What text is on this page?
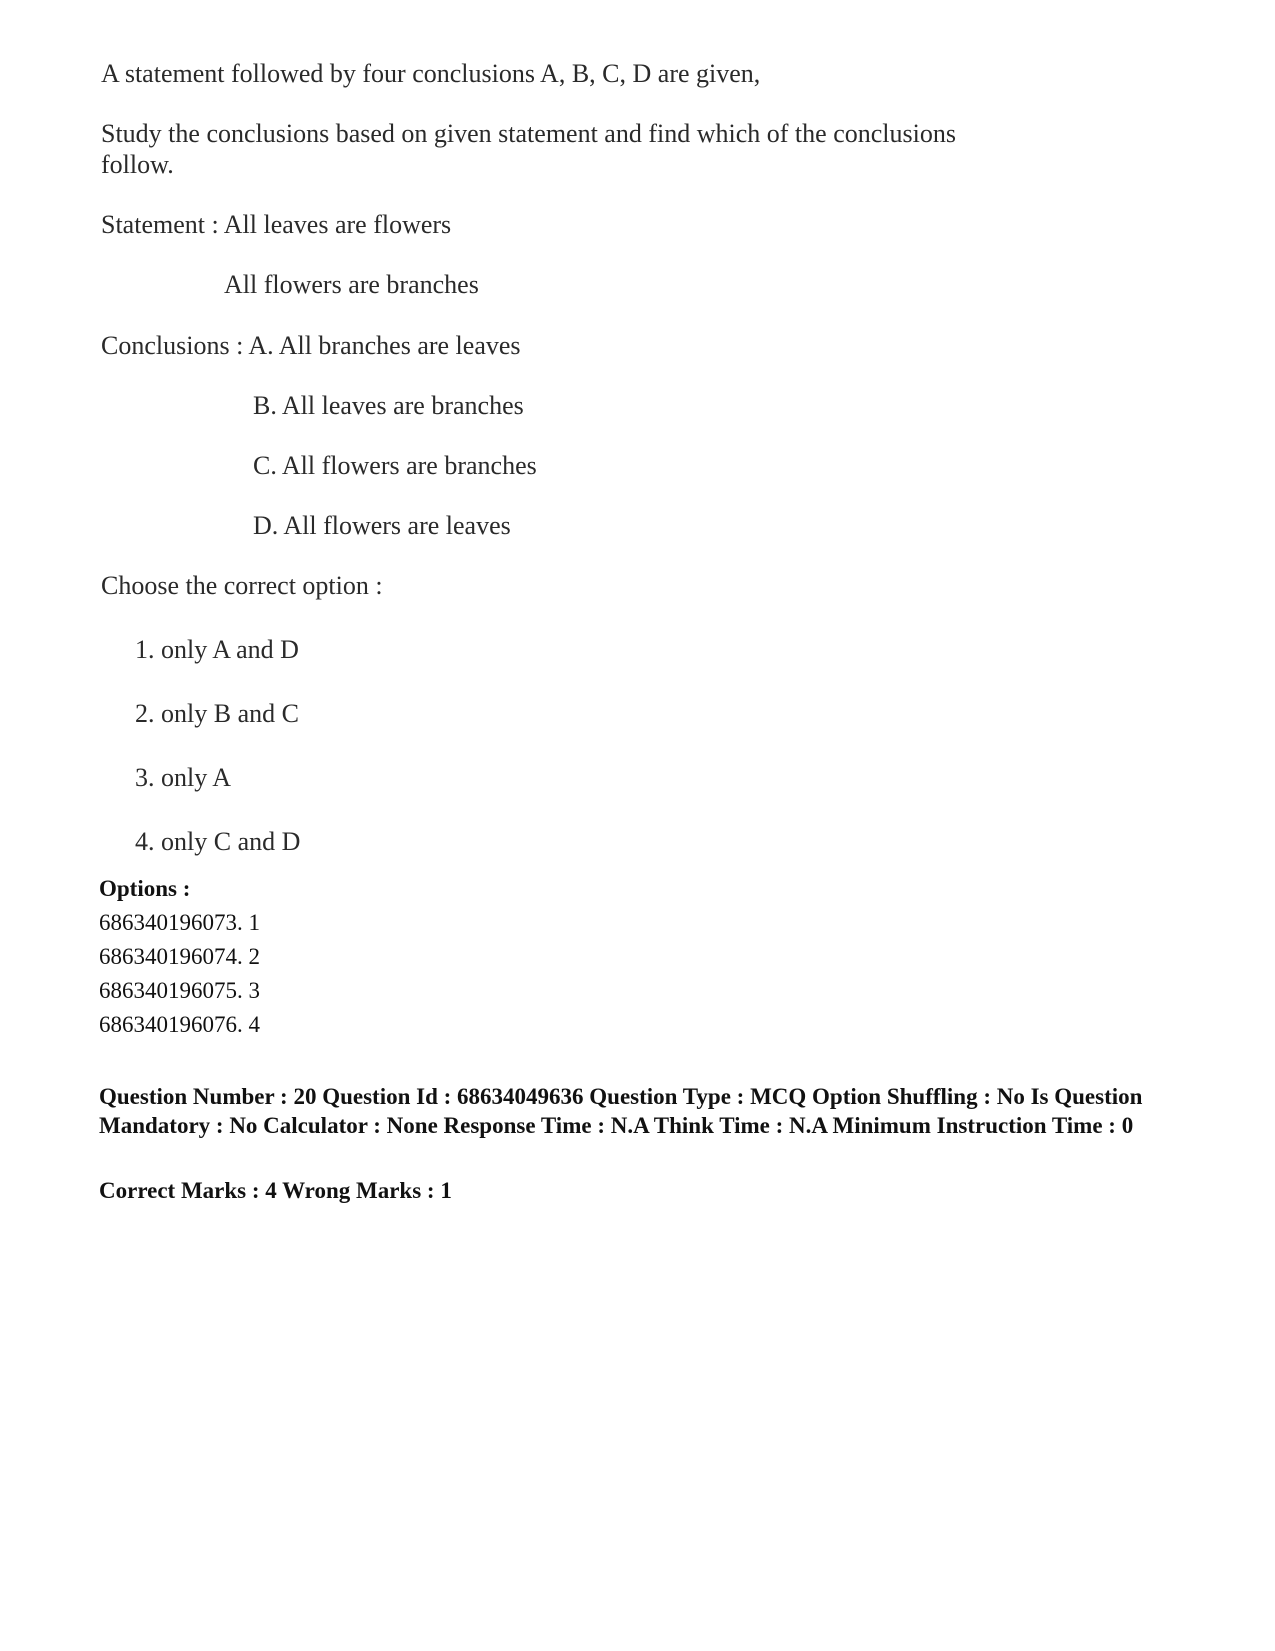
A statement followed by four conclusions A, B, C, D are given,
Study the conclusions based on given statement and find which of the conclusions
follow.
Statement : All leaves are flowers
All flowers are branches
Conclusions : A. All branches are leaves
B. All leaves are branches
C. All flowers are branches
D. All flowers are leaves
Choose the correct option :
1. only A and D
2. only B and C
3. only A
4. only C and D
Options :
686340196073. 1
686340196074. 2
686340196075. 3
686340196076. 4
Question Number : 20 Question Id : 68634049636 Question Type : MCQ Option Shuffling : No Is Question Mandatory : No Calculator : None Response Time : N.A Think Time : N.A Minimum Instruction Time : 0
Correct Marks : 4 Wrong Marks : 1
